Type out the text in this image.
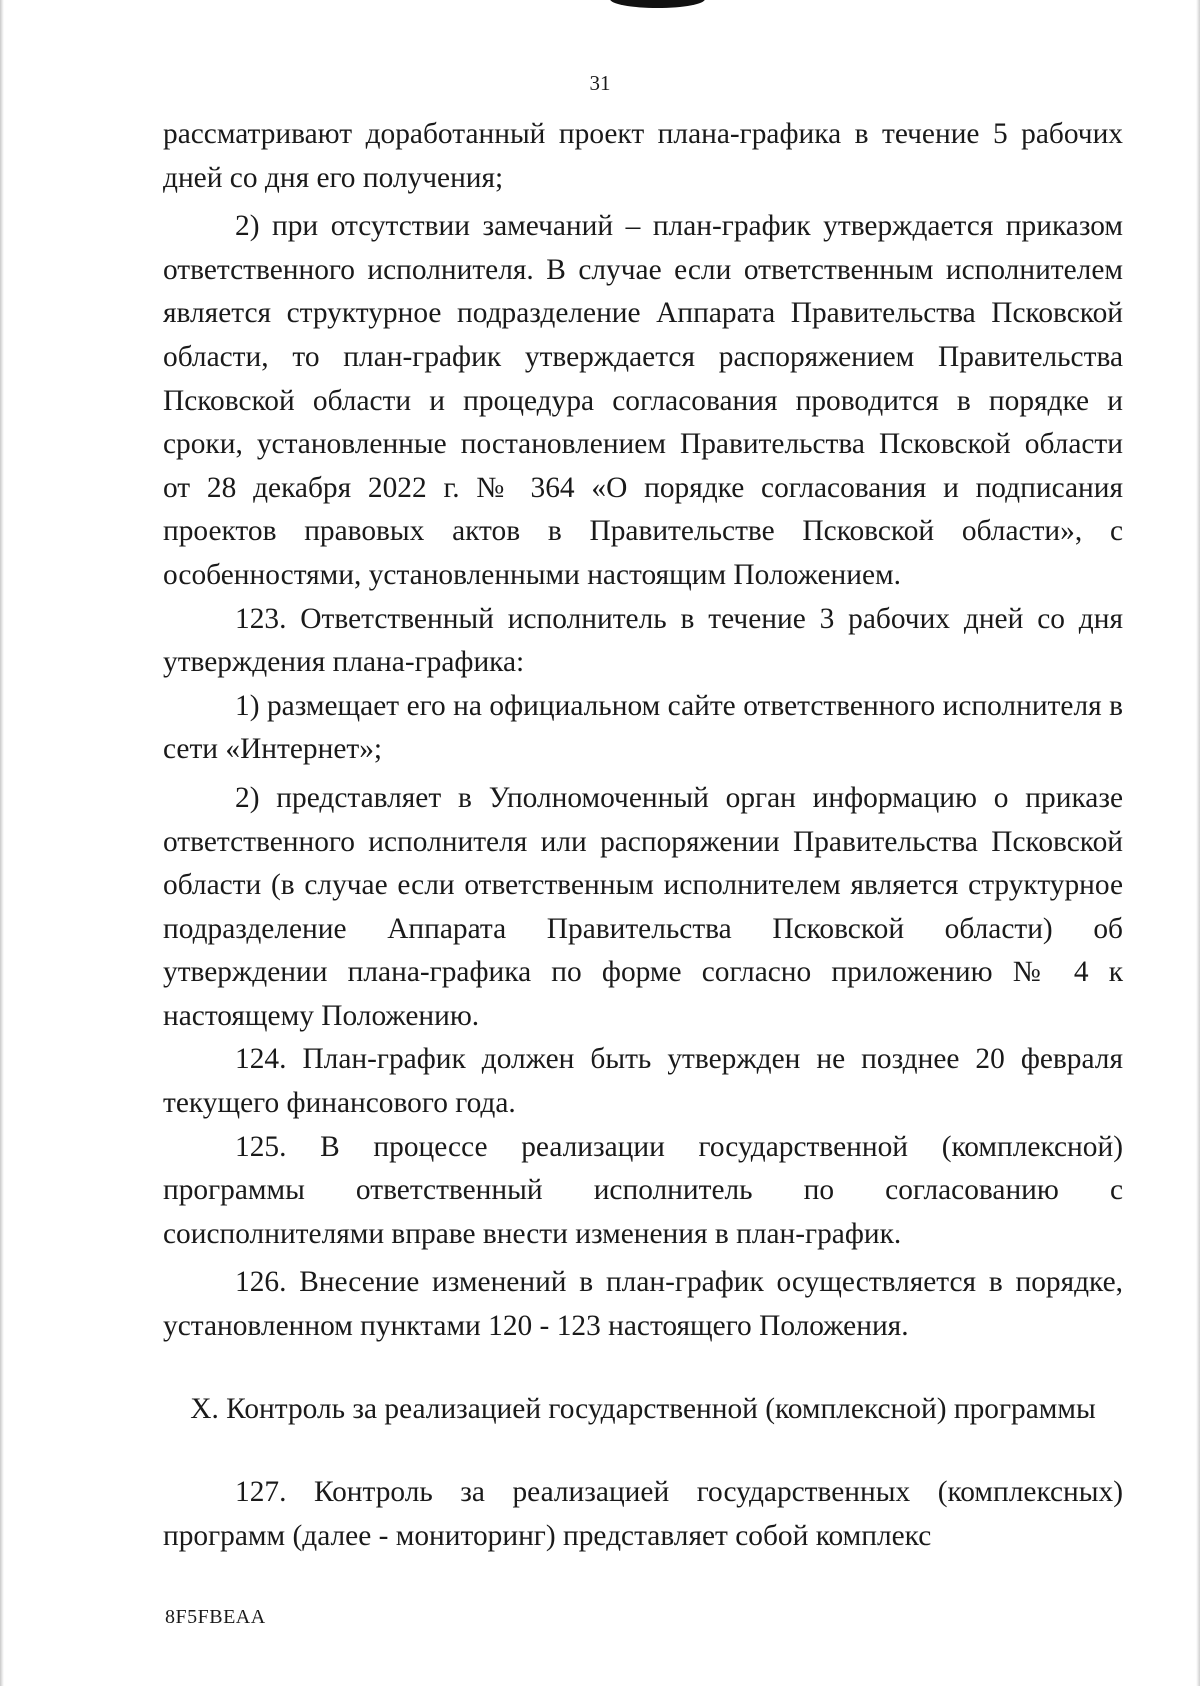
31

рассматривают доработанный проект плана-графика в течение 5 рабочих дней со дня его получения;

2) при отсутствии замечаний – план-график утверждается приказом ответственного исполнителя. В случае если ответственным исполнителем является структурное подразделение Аппарата Правительства Псковской области, то план-график утверждается распоряжением Правительства Псковской области и процедура согласования проводится в порядке и сроки, установленные постановлением Правительства Псковской области от 28 декабря 2022 г. № 364 «О порядке согласования и подписания проектов правовых актов в Правительстве Псковской области», с особенностями, установленными настоящим Положением.

123. Ответственный исполнитель в течение 3 рабочих дней со дня утверждения плана-графика:

1) размещает его на официальном сайте ответственного исполнителя в сети «Интернет»;

2) представляет в Уполномоченный орган информацию о приказе ответственного исполнителя или распоряжении Правительства Псковской области (в случае если ответственным исполнителем является структурное подразделение Аппарата Правительства Псковской области) об утверждении плана-графика по форме согласно приложению № 4 к настоящему Положению.

124. План-график должен быть утвержден не позднее 20 февраля текущего финансового года.

125. В процессе реализации государственной (комплексной) программы ответственный исполнитель по согласованию с соисполнителями вправе внести изменения в план-график.

126. Внесение изменений в план-график осуществляется в порядке, установленном пунктами 120 - 123 настоящего Положения.

X. Контроль за реализацией государственной (комплексной) программы

127. Контроль за реализацией государственных (комплексных) программ (далее - мониторинг) представляет собой комплекс

8F5FBEAA
